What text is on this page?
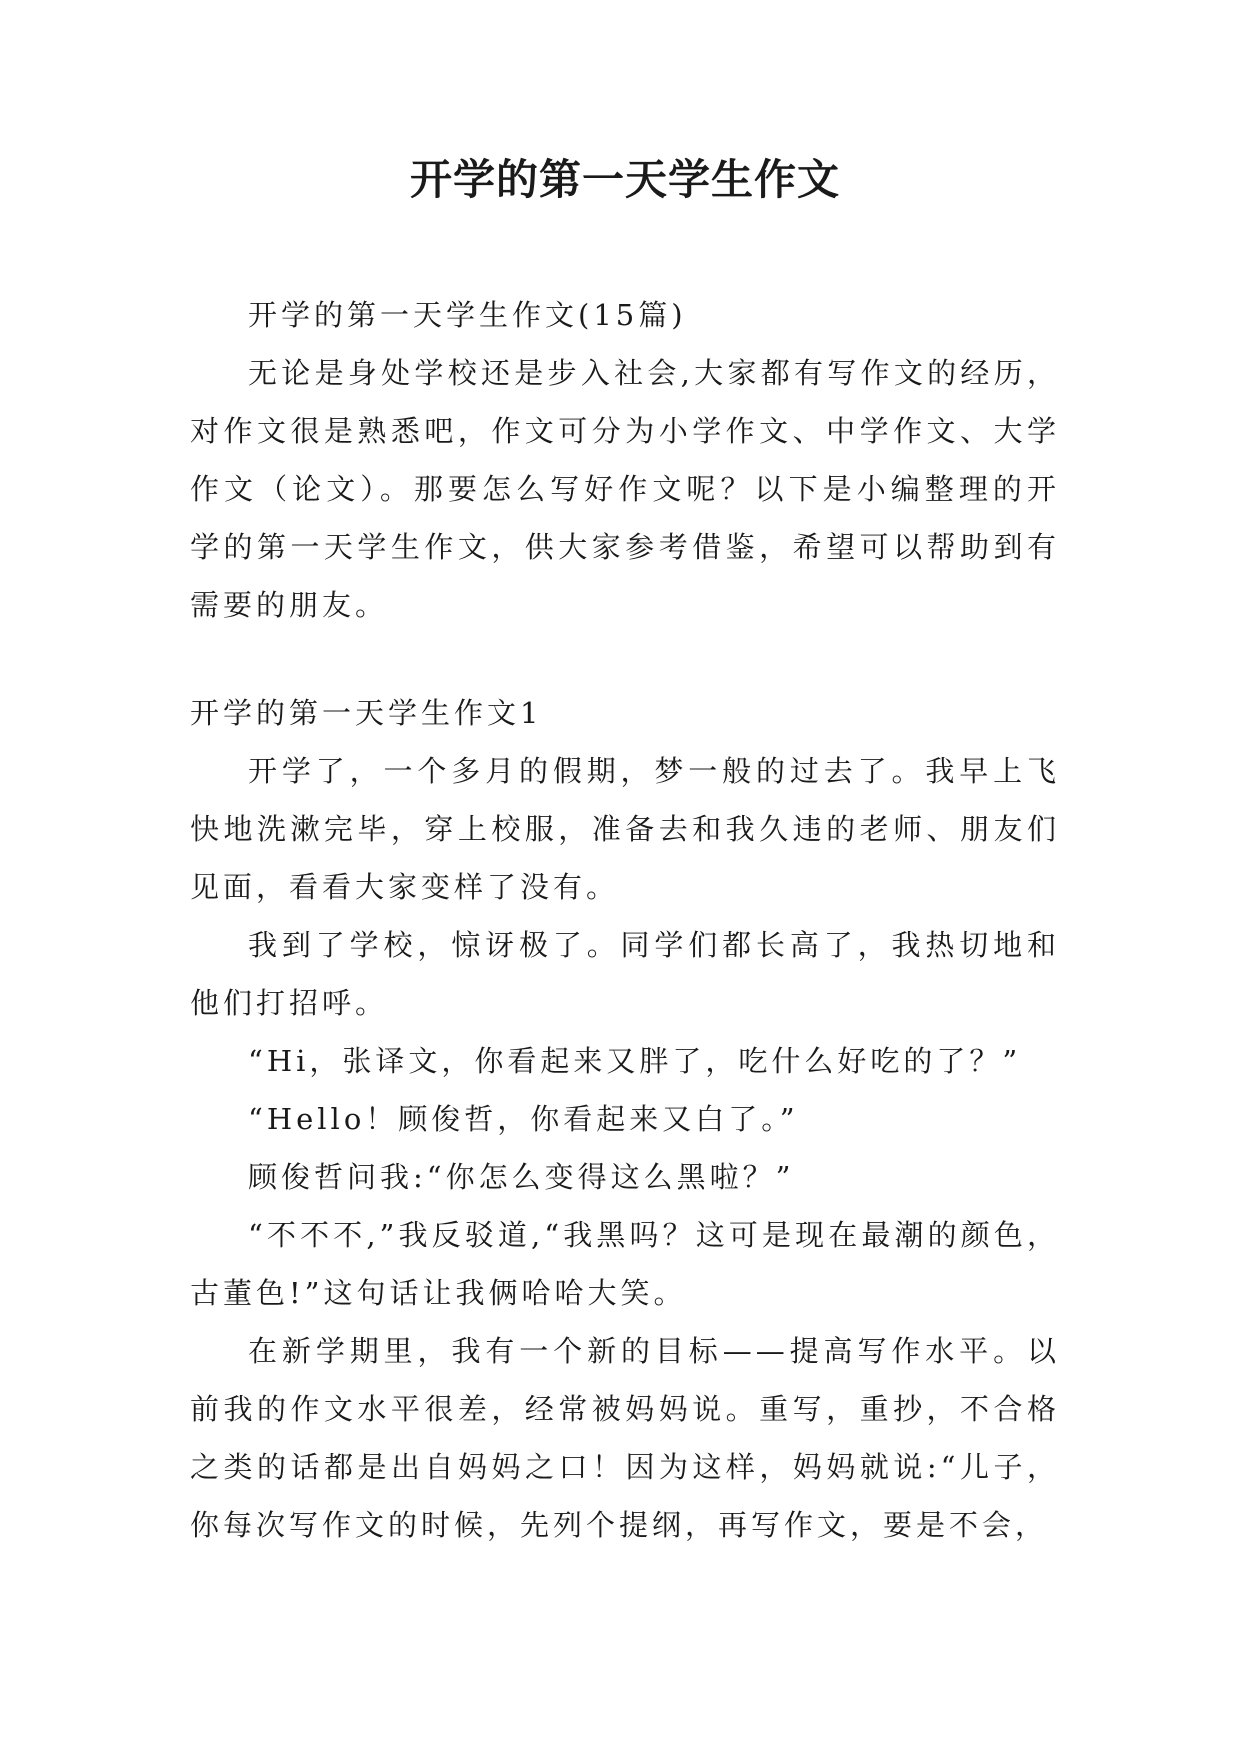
开学的第一天学生作文

开学的第一天学生作文(15篇)

无论是身处学校还是步入社会,大家都有写作文的经历，对作文很是熟悉吧，作文可分为小学作文、中学作文、大学作文（论文）。那要怎么写好作文呢？以下是小编整理的开学的第一天学生作文，供大家参考借鉴，希望可以帮助到有需要的朋友。

开学的第一天学生作文1

开学了，一个多月的假期，梦一般的过去了。我早上飞快地洗漱完毕，穿上校服，准备去和我久违的老师、朋友们见面，看看大家变样了没有。

我到了学校，惊讶极了。同学们都长高了，我热切地和他们打招呼。

“Hi，张译文，你看起来又胖了，吃什么好吃的了？”

“Hello！顾俊哲，你看起来又白了。”

顾俊哲问我:“你怎么变得这么黑啦？”

“不不不,”我反驳道,“我黑吗？这可是现在最潮的颜色，古董色!”这句话让我俩哈哈大笑。

在新学期里，我有一个新的目标——提高写作水平。以前我的作文水平很差，经常被妈妈说。重写，重抄，不合格之类的话都是出自妈妈之口！因为这样，妈妈就说:“儿子，你每次写作文的时候，先列个提纲，再写作文，要是不会，
